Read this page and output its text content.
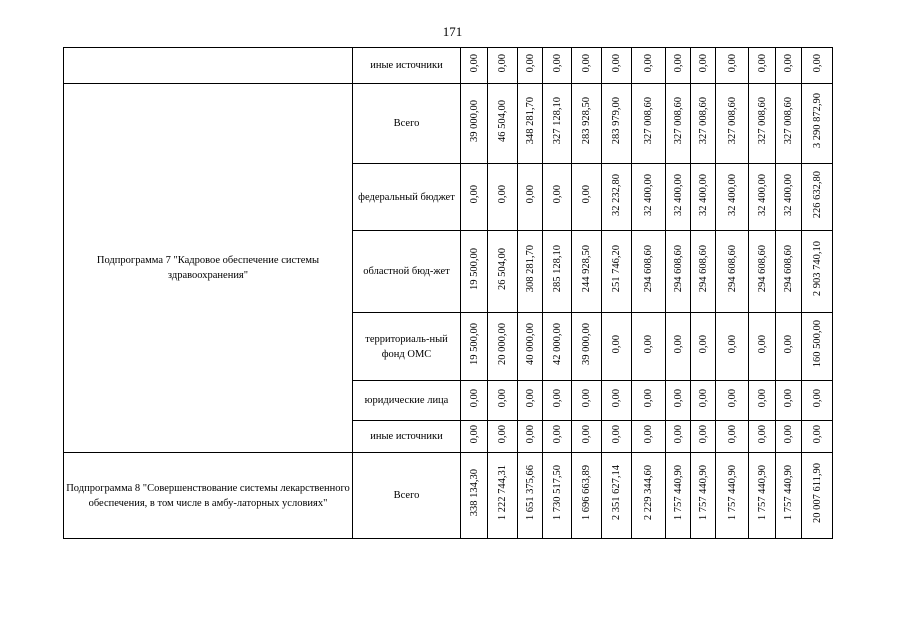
171
	иные источники	0,00	0,00	0,00	0,00	0,00	0,00	0,00	0,00	0,00	0,00	0,00	0,00	0,00
Подпрограмма 7 "Кадровое обеспечение системы здравоохранения"	Всего	39 000,00	46 504,00	348 281,70	327 128,10	283 928,50	283 979,00	327 008,60	327 008,60	327 008,60	327 008,60	327 008,60	327 008,60	3 290 872,90
	федеральный бюджет	0,00	0,00	0,00	0,00	0,00	32 232,80	32 400,00	32 400,00	32 400,00	32 400,00	32 400,00	32 400,00	226 632,80
	областной бюд-жет	19 500,00	26 504,00	308 281,70	285 128,10	244 928,50	251 746,20	294 608,60	294 608,60	294 608,60	294 608,60	294 608,60	294 608,60	2 903 740,10
	территориаль-ный фонд ОМС	19 500,00	20 000,00	40 000,00	42 000,00	39 000,00	0,00	0,00	0,00	0,00	0,00	0,00	0,00	160 500,00
	юридические лица	0,00	0,00	0,00	0,00	0,00	0,00	0,00	0,00	0,00	0,00	0,00	0,00	0,00
	иные источники	0,00	0,00	0,00	0,00	0,00	0,00	0,00	0,00	0,00	0,00	0,00	0,00	0,00
Подпрограмма 8 "Совершенствование системы лекарственного обеспечения, в том числе в амбу-латорных условиях"	Всего	338 134,30	1 222 744,31	1 651 375,66	1 730 517,50	1 696 663,89	2 351 627,14	2 229 344,60	1 757 440,90	1 757 440,90	1 757 440,90	1 757 440,90	1 757 440,90	20 007 611,90
